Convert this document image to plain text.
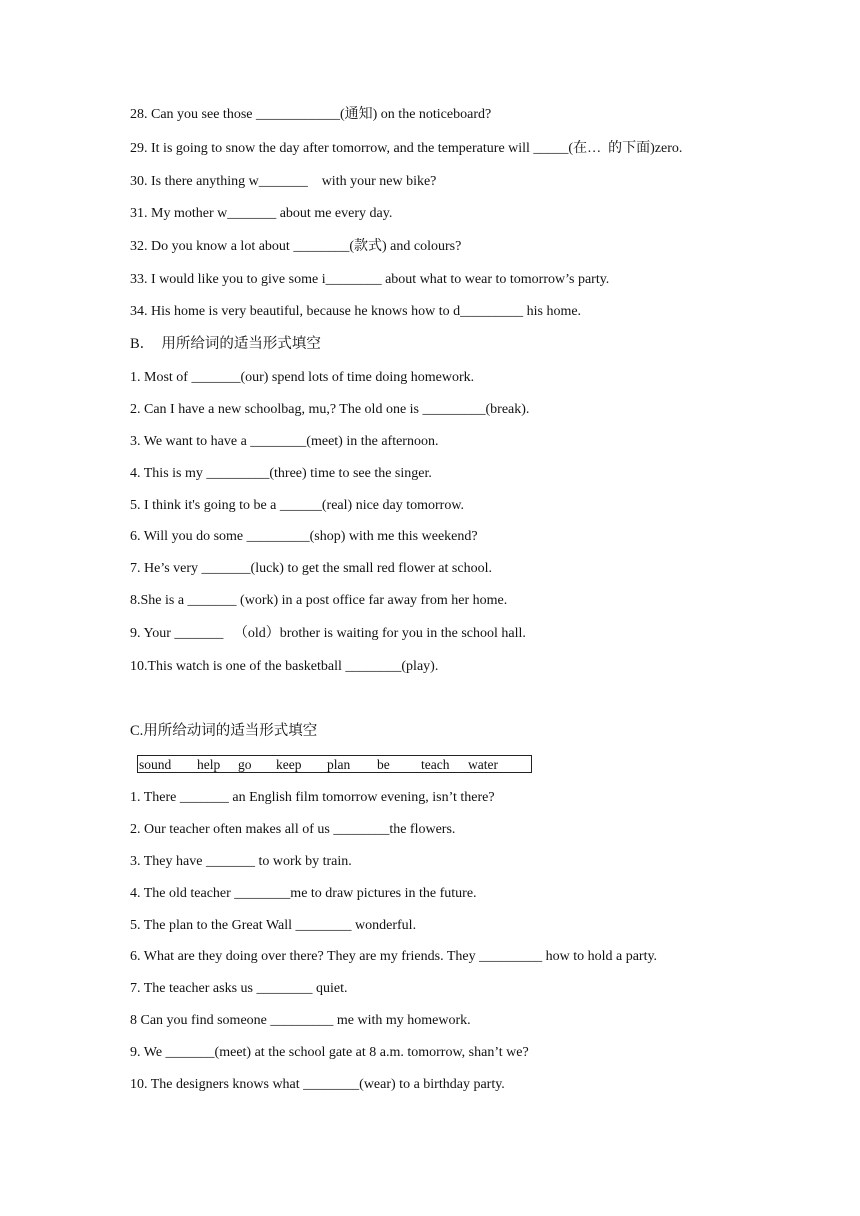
28. Can you see those ____________(通知) on the noticeboard?
29. It is going to snow the day after tomorrow, and the temperature will _____(在…  的下面)zero.
30. Is there anything w_______    with your new bike?
31. My mother w_______ about me every day.
32. Do you know a lot about ________(款式) and colours?
33. I would like you to give some i________ about what to wear to tomorrow’s party.
34. His home is very beautiful, because he knows how to d_________ his home.
B．  用所给词的适当形式填空
1. Most of _______(our) spend lots of time doing homework.
2. Can I have a new schoolbag, mu,? The old one is _________(break).
3. We want to have a ________(meet) in the afternoon.
4. This is my _________(three) time to see the singer.
5. I think it's going to be a ______(real) nice day tomorrow.
6. Will you do some _________(shop) with me this weekend?
7. He’s very _______(luck) to get the small red flower at school.
8.She is a _______ (work) in a post office far away from her home.
9. Your _______   （old）brother is waiting for you in the school hall.
10.This watch is one of the basketball ________(play).
C.用所给动词的适当形式填空
sound help go keep plan be teach water
1. There _______ an English film tomorrow evening, isn’t there?
2. Our teacher often makes all of us ________the flowers.
3. They have _______ to work by train.
4. The old teacher ________me to draw pictures in the future.
5. The plan to the Great Wall ________ wonderful.
6. What are they doing over there? They are my friends. They _________ how to hold a party.
7. The teacher asks us ________ quiet.
8 Can you find someone _________ me with my homework.
9. We _______(meet) at the school gate at 8 a.m. tomorrow, shan’t we?
10. The designers knows what ________(wear) to a birthday party.
